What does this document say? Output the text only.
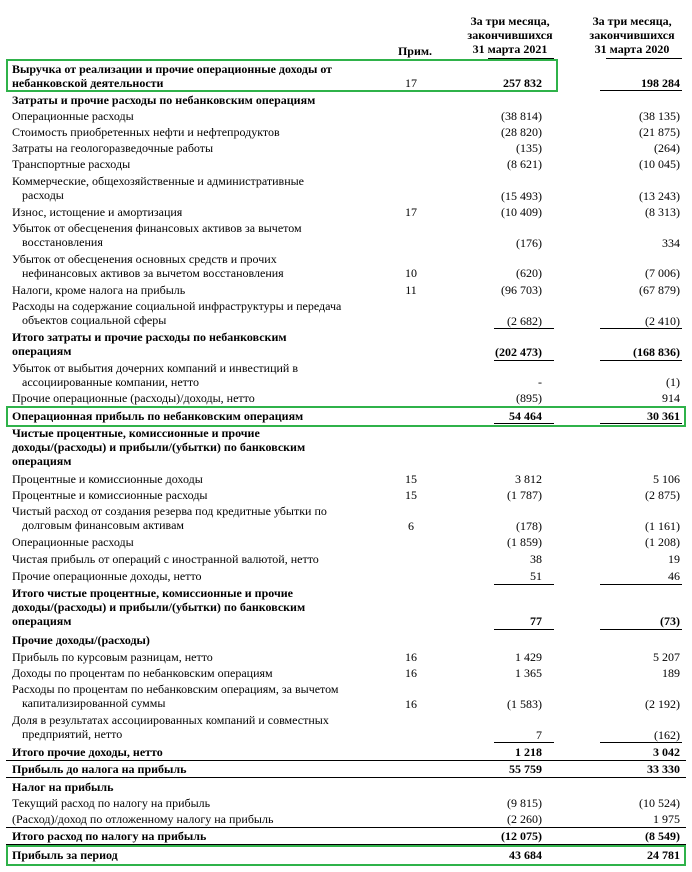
Прим.
За три месяца,
закончившихся
31 марта 2021
За три месяца,
закончившихся
31 марта 2020
Выручка от реализации и прочие операционные доходы от
небанковской деятельности	17	257 832	198 284
Затраты и прочие расходы по небанковским операциям
Операционные расходы	(38 814)	(38 135)
Стоимость приобретенных нефти и нефтепродуктов	(28 820)	(21 875)
Затраты на геологоразведочные работы	(135)	(264)
Транспортные расходы	(8 621)	(10 045)
Коммерческие, общехозяйственные и административные
расходы	(15 493)	(13 243)
Износ, истощение и амортизация	17	(10 409)	(8 313)
Убыток от обесценения финансовых активов за вычетом
восстановления	(176)	334
Убыток от обесценения основных средств и прочих
нефинансовых активов за вычетом восстановления	10	(620)	(7 006)
Налоги, кроме налога на прибыль	11	(96 703)	(67 879)
Расходы на содержание социальной инфраструктуры и передача
объектов социальной сферы	(2 682)	(2 410)
Итого затраты и прочие расходы по небанковским
операциям	(202 473)	(168 836)
Убыток от выбытия дочерних компаний и инвестиций в
ассоциированные компании, нетто	-	(1)
Прочие операционные (расходы)/доходы, нетто	(895)	914
Операционная прибыль по небанковским операциям	54 464	30 361
Чистые процентные, комиссионные и прочие
доходы/(расходы) и прибыли/(убытки) по банковским
операциям
Процентные и комиссионные доходы	15	3 812	5 106
Процентные и комиссионные расходы	15	(1 787)	(2 875)
Чистый расход от создания резерва под кредитные убытки по
долговым финансовым активам	6	(178)	(1 161)
Операционные расходы	(1 859)	(1 208)
Чистая прибыль от операций с иностранной валютой, нетто	38	19
Прочие операционные доходы, нетто	51	46
Итого чистые процентные, комиссионные и прочие
доходы/(расходы) и прибыли/(убытки) по банковским
операциям	77	(73)
Прочие доходы/(расходы)
Прибыль по курсовым разницам, нетто	16	1 429	5 207
Доходы по процентам по небанковским операциям	16	1 365	189
Расходы по процентам по небанковским операциям, за вычетом
капитализированной суммы	16	(1 583)	(2 192)
Доля в результатах ассоциированных компаний и совместных
предприятий, нетто	7	(162)
Итого прочие доходы, нетто	1 218	3 042
Прибыль до налога на прибыль	55 759	33 330
Налог на прибыль
Текущий расход по налогу на прибыль	(9 815)	(10 524)
(Расход)/доход по отложенному налогу на прибыль	(2 260)	1 975
Итого расход по налогу на прибыль	(12 075)	(8 549)
Прибыль за период	43 684	24 781
